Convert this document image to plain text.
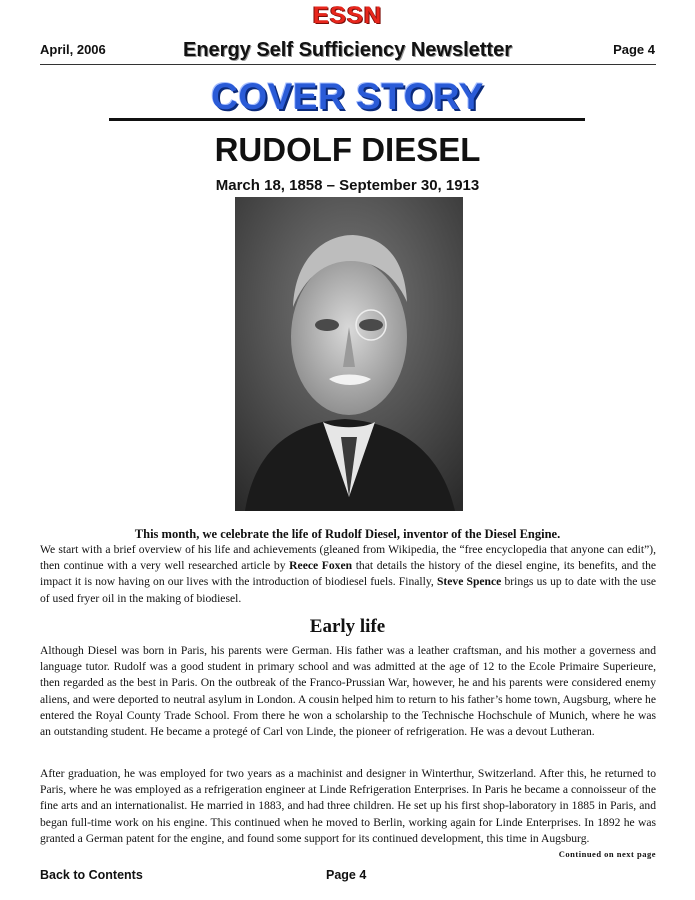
ESSN
April, 2006	Energy Self Sufficiency Newsletter	Page 4
COVER STORY
RUDOLF DIESEL
March 18, 1858 – September 30, 1913
This month, we celebrate the life of Rudolf Diesel, inventor of the Diesel Engine.
We start with a brief overview of his life and achievements (gleaned from Wikipedia, the “free encyclopedia that anyone can edit”), then continue with a very well researched article by Reece Foxen that details the history of the diesel engine, its benefits, and the impact it is now having on our lives with the introduction of biodiesel fuels. Finally, Steve Spence brings us up to date with the use of used fryer oil in the making of biodiesel.
Early life
Although Diesel was born in Paris, his parents were German. His father was a leather craftsman, and his mother a governess and language tutor. Rudolf was a good student in primary school and was admitted at the age of 12 to the Ecole Primaire Superieure, then regarded as the best in Paris. On the outbreak of the Franco-Prussian War, however, he and his parents were considered enemy aliens, and were deported to neutral asylum in London. A cousin helped him to return to his father’s home town, Augsburg, where he entered the Royal County Trade School. From there he won a scholarship to the Technische Hochschule of Munich, where he was an outstanding student. He became a protegé of Carl von Linde, the pioneer of refrigeration. He was a devout Lutheran.
After graduation, he was employed for two years as a machinist and designer in Winterthur, Switzerland. After this, he returned to Paris, where he was employed as a refrigeration engineer at Linde Refrigeration Enterprises. In Paris he became a connoisseur of the fine arts and an internationalist. He married in 1883, and had three children. He set up his first shop-laboratory in 1885 in Paris, and began full-time work on his engine. This continued when he moved to Berlin, working again for Linde Enterprises. In 1892 he was granted a German patent for the engine, and found some support for its continued development, this time in Augsburg.
Continued on next page
Back to Contents	Page 4
